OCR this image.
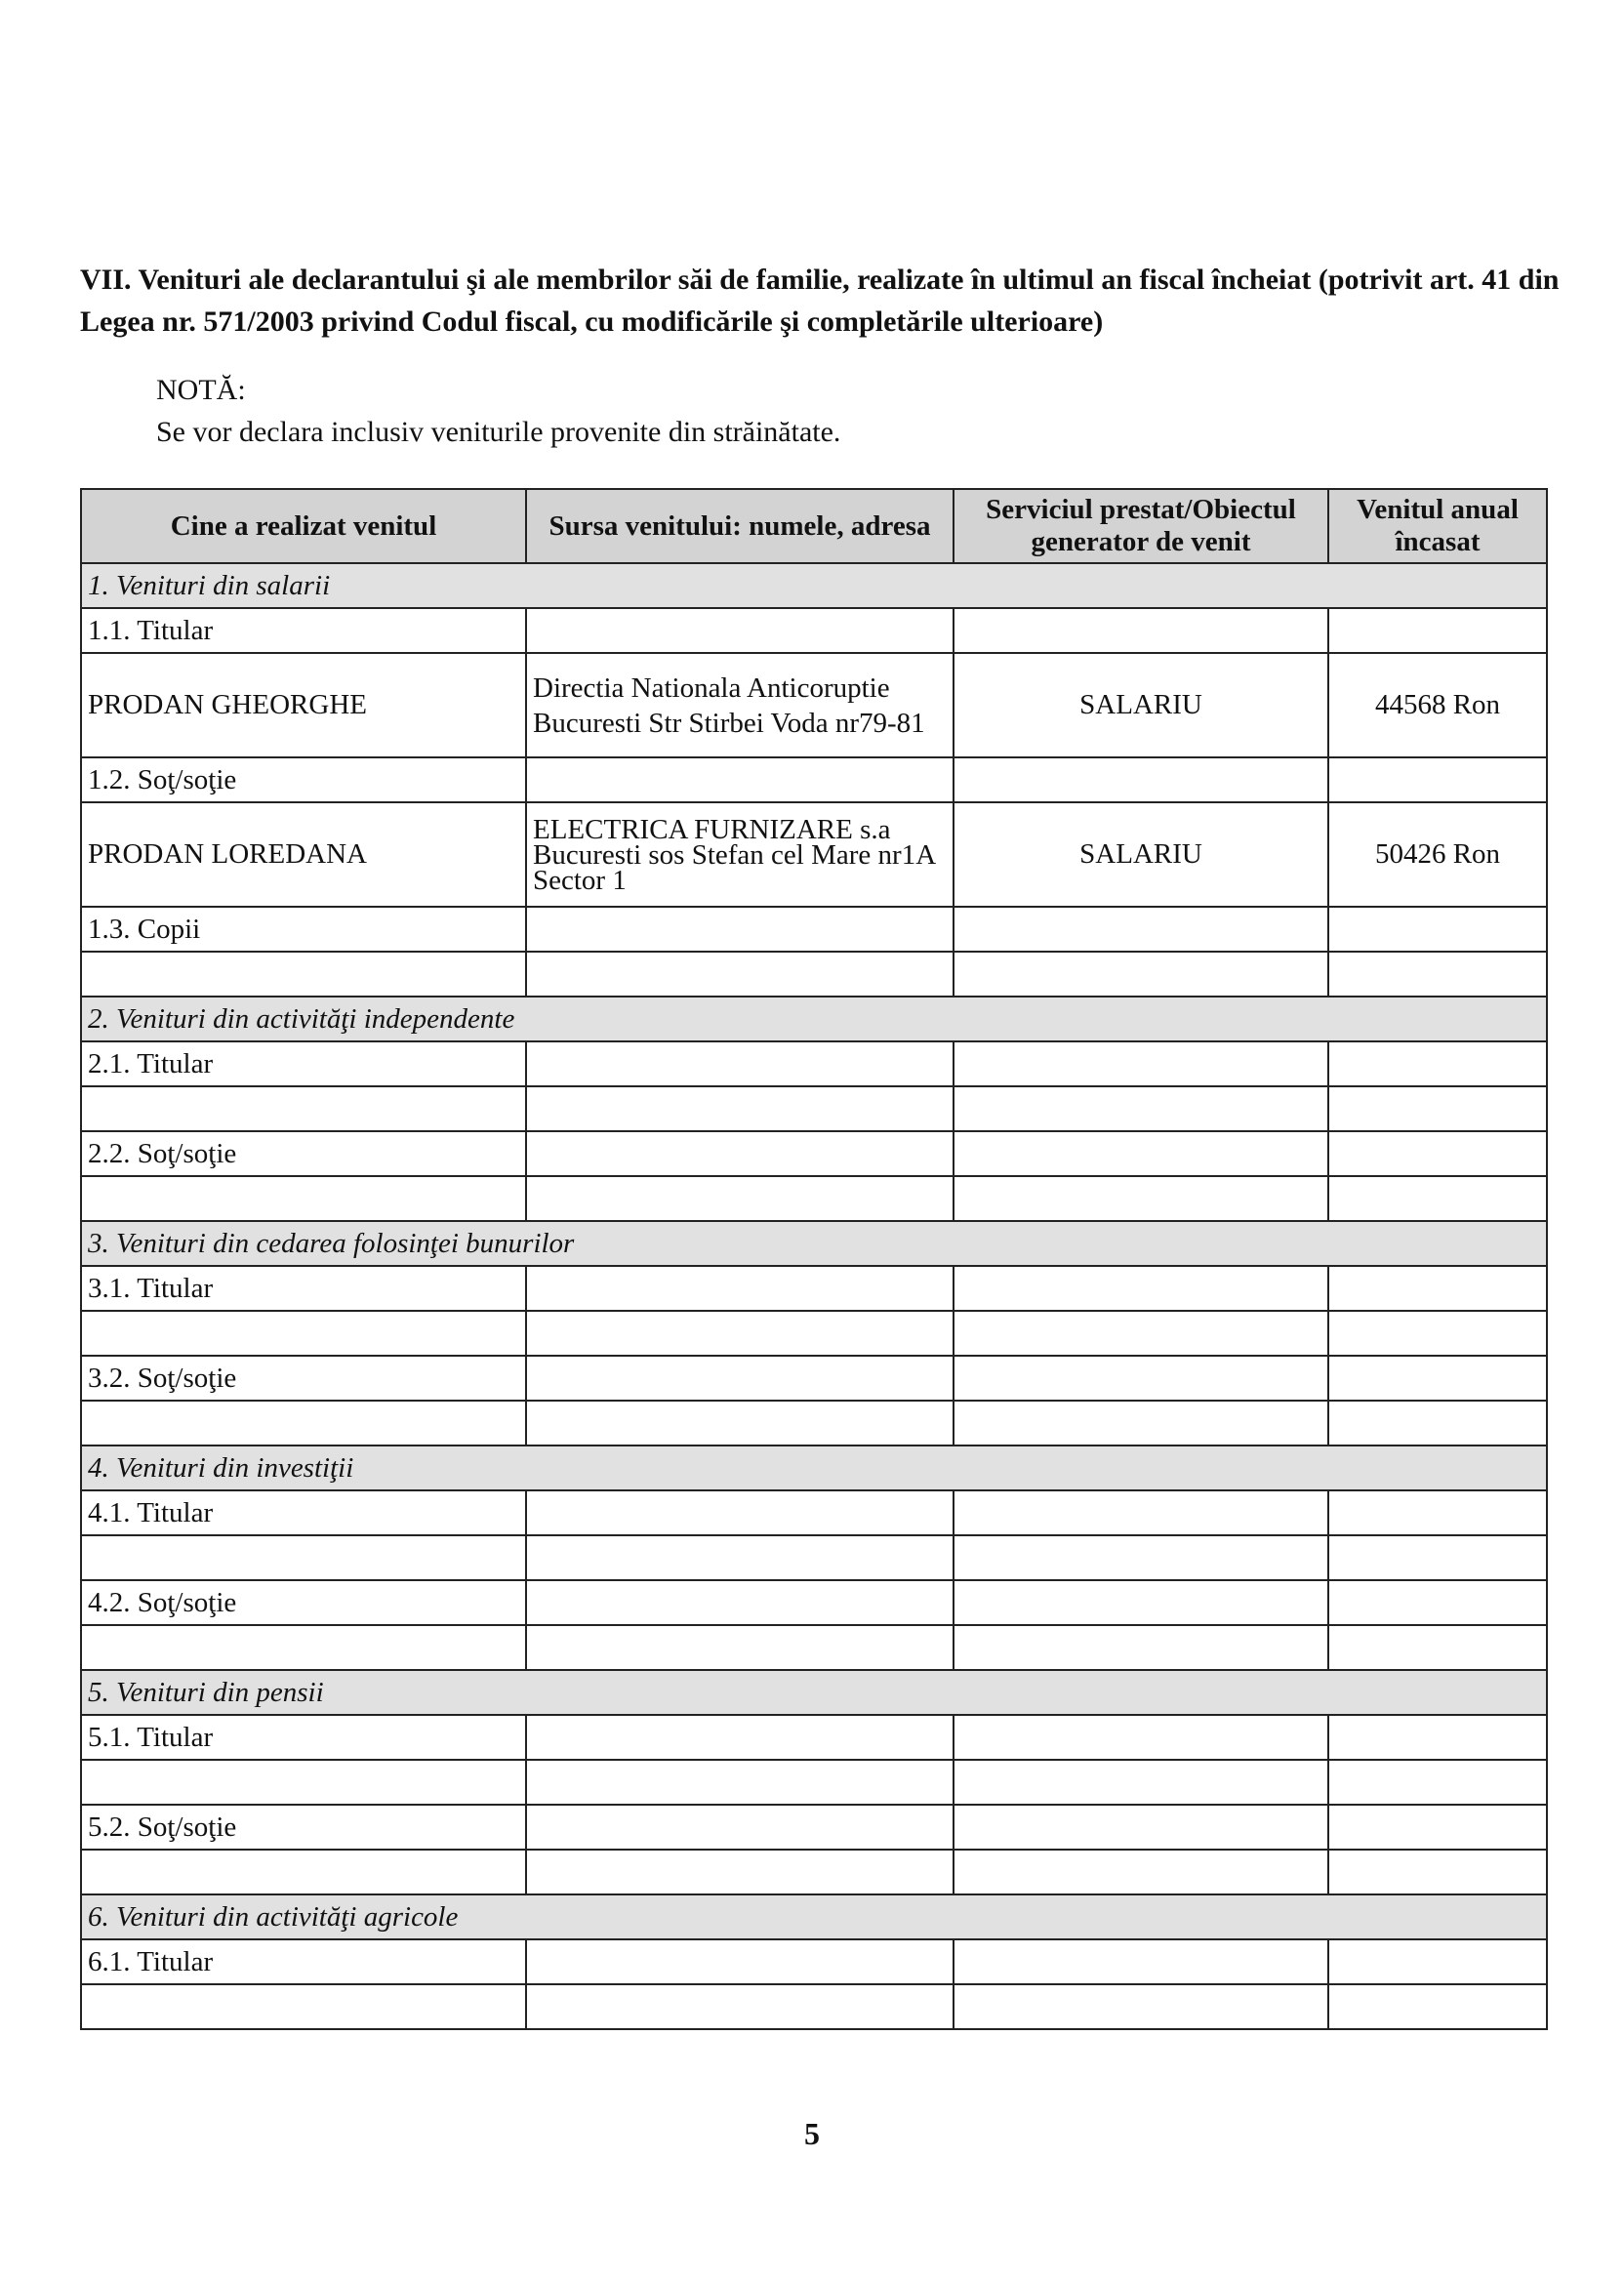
VII. Venituri ale declarantului şi ale membrilor săi de familie, realizate în ultimul an fiscal încheiat (potrivit art. 41 din Legea nr. 571/2003 privind Codul fiscal, cu modificările şi completările ulterioare)
NOTĂ:
Se vor declara inclusiv veniturile provenite din străinătate.
Cine a realizat venitul	Sursa venitului: numele, adresa	Serviciul prestat/Obiectul generator de venit	Venitul anual încasat
1. Venituri din salarii			
1.1. Titular			
PRODAN GHEORGHE	Directia Nationala Anticoruptie Bucuresti Str Stirbei Voda nr79-81	SALARIU	44568 Ron
1.2. Soţ/soţie			
PRODAN LOREDANA	ELECTRICA FURNIZARE s.a Bucuresti sos Stefan cel Mare nr1A Sector 1	SALARIU	50426 Ron
1.3. Copii			

2. Venituri din activităţi independente			
2.1. Titular			

2.2. Soţ/soţie			

3. Venituri din cedarea folosinţei bunurilor			
3.1. Titular			

3.2. Soţ/soţie			

4. Venituri din investiţii			
4.1. Titular			

4.2. Soţ/soţie			

5. Venituri din pensii			
5.1. Titular			

5.2. Soţ/soţie			

6. Venituri din activităţi agricole			
6.1. Titular			

5
